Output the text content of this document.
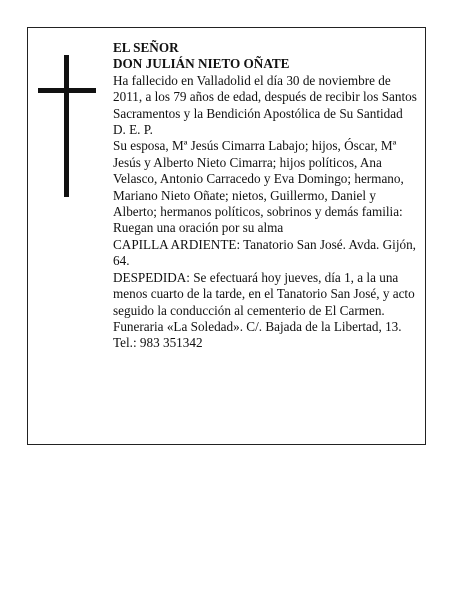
EL SEÑOR
DON JULIÁN NIETO OÑATE
Ha fallecido en Valladolid el día 30 de noviembre de 2011, a los 79 años de edad, después de recibir los Santos Sacramentos y la Bendición Apostólica de Su Santidad
D. E. P.
Su esposa, Mª Jesús Cimarra Labajo; hijos, Óscar, Mª Jesús y Alberto Nieto Cimarra; hijos políticos, Ana Velasco, Antonio Carracedo y Eva Domingo; hermano, Mariano Nieto Oñate; nietos, Guillermo, Daniel y Alberto; hermanos políticos, sobrinos y demás familia:
Ruegan una oración por su alma
CAPILLA ARDIENTE: Tanatorio San José. Avda. Gijón, 64.
DESPEDIDA: Se efectuará hoy jueves, día 1, a la una menos cuarto de la tarde, en el Tanatorio San José, y acto seguido la conducción al cementerio de El Carmen.
Funeraria «La Soledad». C/. Bajada de la Libertad, 13. Tel.: 983 351342
